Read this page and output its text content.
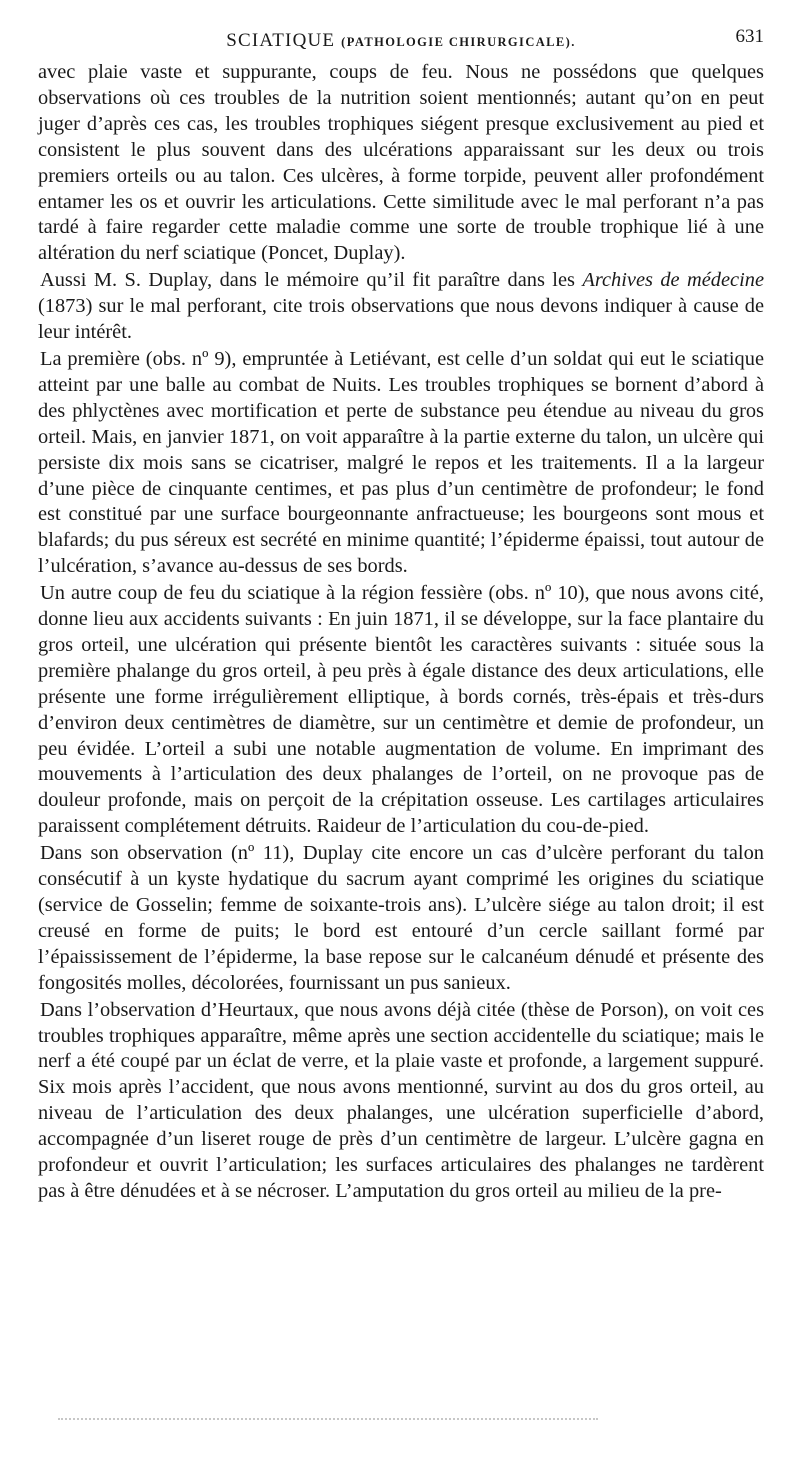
SCIATIQUE (PATHOLOGIE CHIRURGICALE).	631

avec plaie vaste et suppurante, coups de feu. Nous ne possédons que quelques observations où ces troubles de la nutrition soient mentionnés; autant qu’on en peut juger d’après ces cas, les troubles trophiques siégent presque exclusivement au pied et consistent le plus souvent dans des ulcérations apparaissant sur les deux ou trois premiers orteils ou au talon. Ces ulcères, à forme torpide, peuvent aller profondément entamer les os et ouvrir les articulations. Cette similitude avec le mal perforant n’a pas tardé à faire regarder cette maladie comme une sorte de trouble trophique lié à une altération du nerf sciatique (Poncet, Duplay).

Aussi M. S. Duplay, dans le mémoire qu’il fit paraître dans les Archives de médecine (1873) sur le mal perforant, cite trois observations que nous devons indiquer à cause de leur intérêt.

La première (obs. nº 9), empruntée à Letiévant, est celle d’un soldat qui eut le sciatique atteint par une balle au combat de Nuits. Les troubles trophiques se bornent d’abord à des phlyctènes avec mortification et perte de substance peu étendue au niveau du gros orteil. Mais, en janvier 1871, on voit apparaître à la partie externe du talon, un ulcère qui persiste dix mois sans se cicatriser, malgré le repos et les traitements. Il a la largeur d’une pièce de cinquante centimes, et pas plus d’un centimètre de profondeur; le fond est constitué par une surface bourgeonnante anfractueuse; les bourgeons sont mous et blafards; du pus séreux est secrété en minime quantité; l’épiderme épaissi, tout autour de l’ulcération, s’avance au-dessus de ses bords.

Un autre coup de feu du sciatique à la région fessière (obs. nº 10), que nous avons cité, donne lieu aux accidents suivants : En juin 1871, il se développe, sur la face plantaire du gros orteil, une ulcération qui présente bientôt les caractères suivants : située sous la première phalange du gros orteil, à peu près à égale distance des deux articulations, elle présente une forme irrégulièrement elliptique, à bords cornés, très-épais et très-durs d’environ deux centimètres de diamètre, sur un centimètre et demie de profondeur, un peu évidée. L’orteil a subi une notable augmentation de volume. En imprimant des mouvements à l’articulation des deux phalanges de l’orteil, on ne provoque pas de douleur profonde, mais on perçoit de la crépitation osseuse. Les cartilages articulaires paraissent complétement détruits. Raideur de l’articulation du cou-de-pied.

Dans son observation (nº 11), Duplay cite encore un cas d’ulcère perforant du talon consécutif à un kyste hydatique du sacrum ayant comprimé les origines du sciatique (service de Gosselin; femme de soixante-trois ans). L’ulcère siége au talon droit; il est creusé en forme de puits; le bord est entouré d’un cercle saillant formé par l’épaississement de l’épiderme, la base repose sur le calcanéum dénudé et présente des fongosités molles, décolorées, fournissant un pus sanieux.

Dans l’observation d’Heurtaux, que nous avons déjà citée (thèse de Porson), on voit ces troubles trophiques apparaître, même après une section accidentelle du sciatique; mais le nerf a été coupé par un éclat de verre, et la plaie vaste et profonde, a largement suppuré. Six mois après l’accident, que nous avons mentionné, survint au dos du gros orteil, au niveau de l’articulation des deux phalanges, une ulcération superficielle d’abord, accompagnée d’un liseret rouge de près d’un centimètre de largeur. L’ulcère gagna en profondeur et ouvrit l’articulation; les surfaces articulaires des phalanges ne tardèrent pas à être dénudées et à se nécroser. L’amputation du gros orteil au milieu de la pre-
